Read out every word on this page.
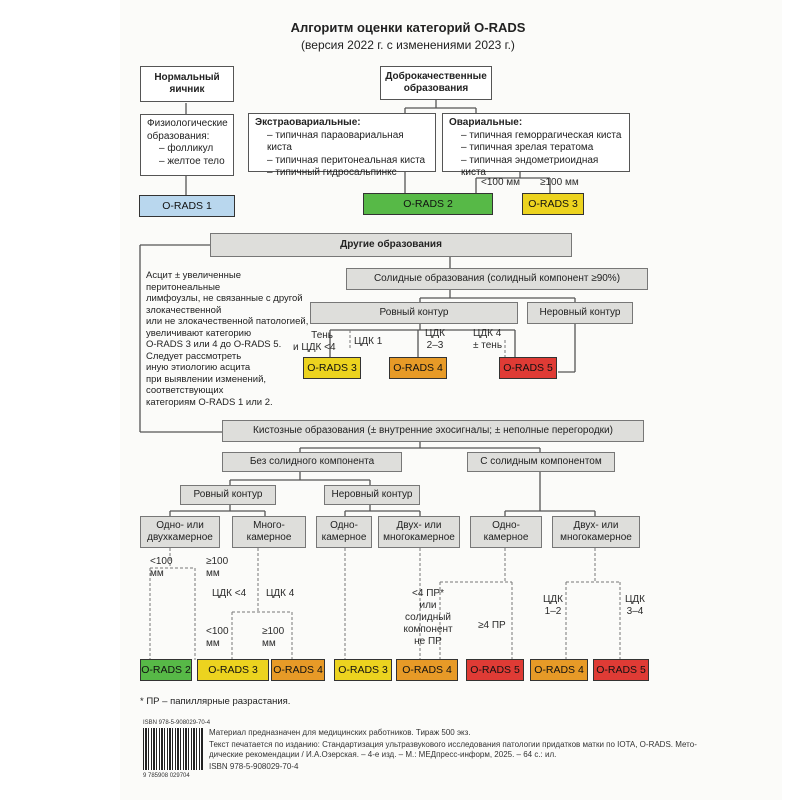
Алгоритм оценки категорий O-RADS
(версия 2022 г. с изменениями 2023 г.)
Нормальный яичник
Физиологические образования:
– фолликул
– желтое тело
Доброкачественные образования
Экстраовариальные:
– типичная параовариальная киста
– типичная перитонеальная киста
– типичный гидросальпинкс
Овариальные:
– типичная геморрагическая киста
– типичная зрелая тератома
– типичная эндометриоидная киста
<100 мм ≥100 мм
O-RADS 1	O-RADS 2	O-RADS 3
Другие образования
Асцит ± увеличенные перитонеальные
лимфоузлы, не связанные с другой
злокачественной
или не злокачественной патологией,
увеличивают категорию
O-RADS 3 или 4 до O-RADS 5.
Следует рассмотреть
иную этиологию асцита
при выявлении изменений,
соответствующих
категориям O-RADS 1 или 2.
Солидные образования (солидный компонент ≥90%)
Ровный контур	Неровный контур
Тень
и ЦДК <4
ЦДК 1
ЦДК
2–3
ЦДК 4
± тень
O-RADS 3	O-RADS 4	O-RADS 5
Кистозные образования (± внутренние эхосигналы; ± неполные перегородки)
Без солидного компонента	С солидным компонентом
Ровный контур	Неровный контур
Одно- или
двухкамерное
Много-
камерное
Одно-
камерное
Двух- или
многокамерное
Одно-
камерное
Двух- или
многокамерное
<100
мм
≥100
мм
ЦДК <4 ЦДК 4
<100
мм
≥100
мм
<4 ПР*
или
солидный
компонент
не ПР
≥4 ПР
ЦДК
1–2
ЦДК
3–4
O-RADS 2	O-RADS 3	O-RADS 4	O-RADS 3	O-RADS 4	O-RADS 5	O-RADS 4	O-RADS 5
* ПР – папиллярные разрастания.
ISBN 978-5-908029-70-4
9 785908 029704
Материал предназначен для медицинских работников. Тираж 500 экз.
Текст печатается по изданию: Стандартизация ультразвукового исследования патологии придатков матки по IOTA, O-RADS. Мето-
дические рекомендации / И.А.Озерская. – 4-е изд. – М.: МЕДпресс-информ, 2025. – 64 с.: ил.
ISBN 978-5-908029-70-4
